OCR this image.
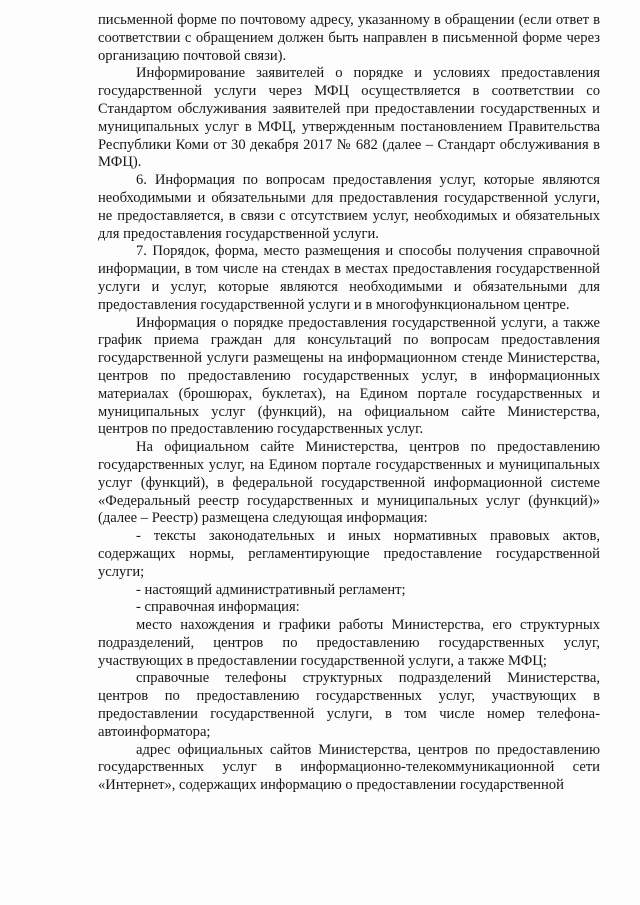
письменной форме по почтовому адресу, указанному в обращении (если ответ в соответствии с обращением должен быть направлен в письменной форме через организацию почтовой связи).

Информирование заявителей о порядке и условиях предоставления государственной услуги через МФЦ осуществляется в соответствии со Стандартом обслуживания заявителей при предоставлении государственных и муниципальных услуг в МФЦ, утвержденным постановлением Правительства Республики Коми от 30 декабря 2017 № 682 (далее – Стандарт обслуживания в МФЦ).

6. Информация по вопросам предоставления услуг, которые являются необходимыми и обязательными для предоставления государственной услуги, не предоставляется, в связи с отсутствием услуг, необходимых и обязательных для предоставления государственной услуги.

7. Порядок, форма, место размещения и способы получения справочной информации, в том числе на стендах в местах предоставления государственной услуги и услуг, которые являются необходимыми и обязательными для предоставления государственной услуги и в многофункциональном центре.

Информация о порядке предоставления государственной услуги, а также график приема граждан для консультаций по вопросам предоставления государственной услуги размещены на информационном стенде Министерства, центров по предоставлению государственных услуг, в информационных материалах (брошюрах, буклетах), на Едином портале государственных и муниципальных услуг (функций), на официальном сайте Министерства, центров по предоставлению государственных услуг.

На официальном сайте Министерства, центров по предоставлению государственных услуг, на Едином портале государственных и муниципальных услуг (функций), в федеральной государственной информационной системе «Федеральный реестр государственных и муниципальных услуг (функций)» (далее – Реестр) размещена следующая информация:

- тексты законодательных и иных нормативных правовых актов, содержащих нормы, регламентирующие предоставление государственной услуги;

- настоящий административный регламент;

- справочная информация:

место нахождения и графики работы Министерства, его структурных подразделений, центров по предоставлению государственных услуг, участвующих в предоставлении государственной услуги, а также МФЦ;

справочные телефоны структурных подразделений Министерства, центров по предоставлению государственных услуг, участвующих в предоставлении государственной услуги, в том числе номер телефона-автоинформатора;

адрес официальных сайтов Министерства, центров по предоставлению государственных услуг в информационно-телекоммуникационной сети «Интернет», содержащих информацию о предоставлении государственной
